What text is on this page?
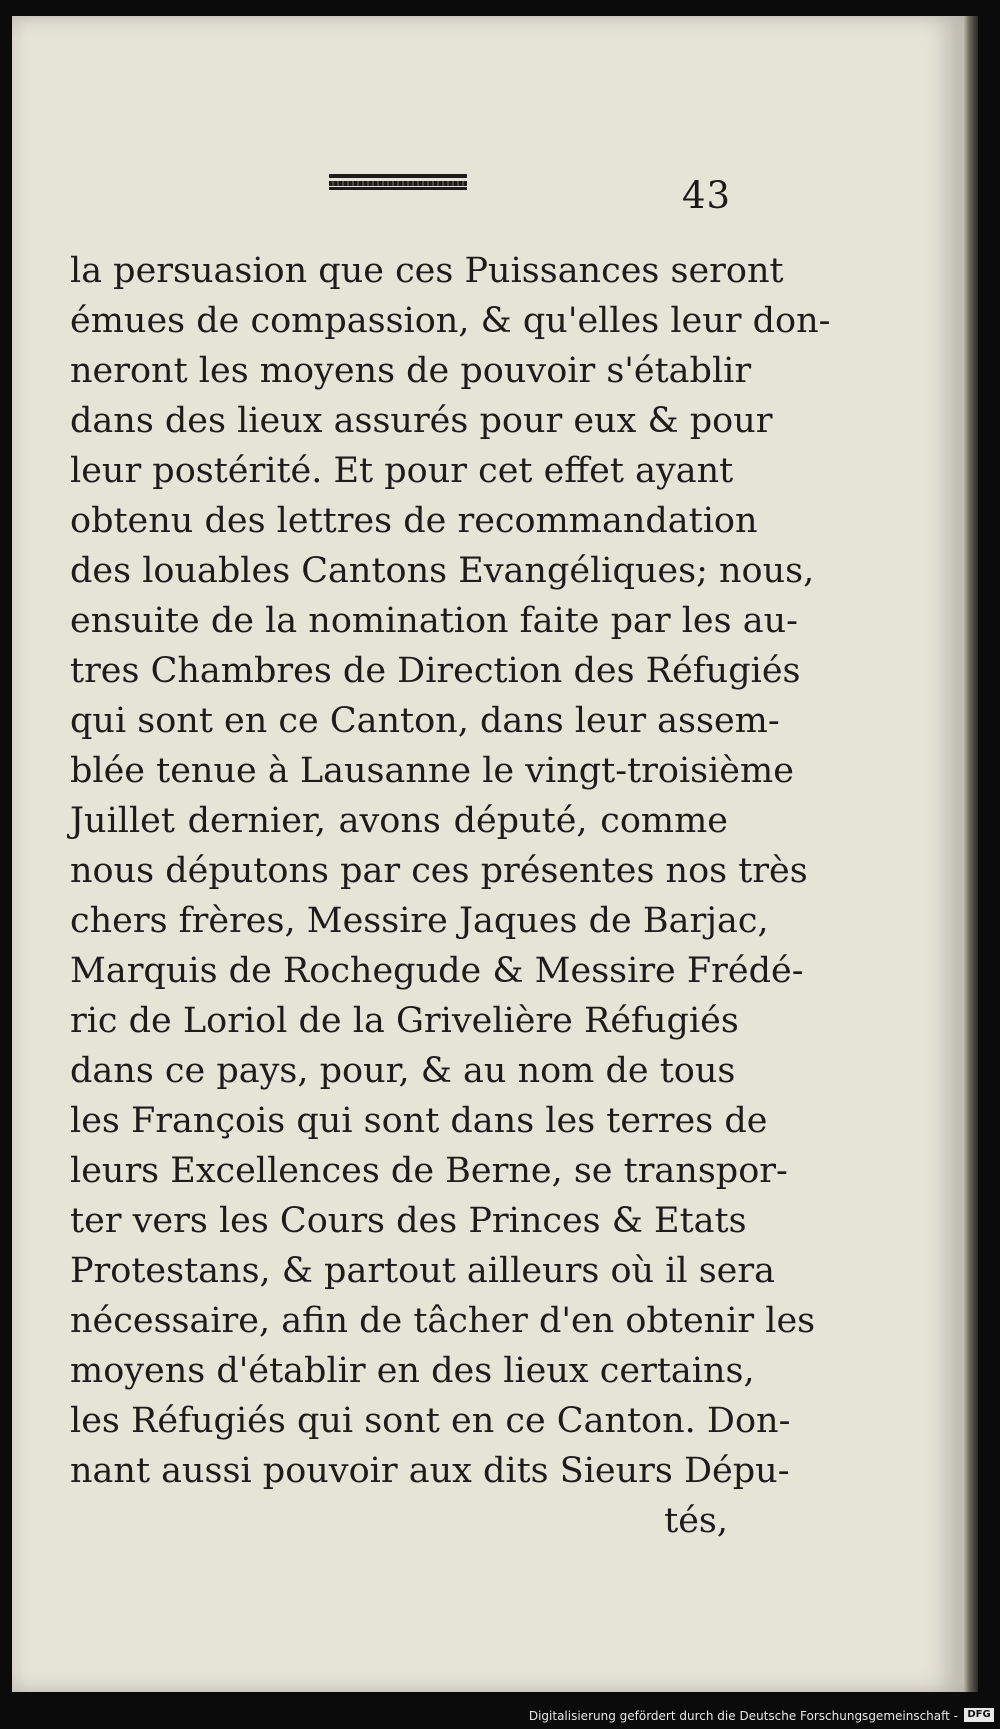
43
la persuasion que ces Puissances seront
émues de compassion, & qu'elles leur don-
neront les moyens de pouvoir s'établir
dans des lieux assurés pour eux & pour
leur postérité. Et pour cet effet ayant
obtenu des lettres de recommandation
des louables Cantons Evangéliques; nous,
ensuite de la nomination faite par les au-
tres Chambres de Direction des Réfugiés
qui sont en ce Canton, dans leur assem-
blée tenue à Lausanne le vingt-troisième
Juillet dernier, avons député, comme
nous députons par ces présentes nos très
chers frères, Messire Jaques de Barjac,
Marquis de Rochegude & Messire Frédé-
ric de Loriol de la Grivelière Réfugiés
dans ce pays, pour, & au nom de tous
les François qui sont dans les terres de
leurs Excellences de Berne, se transpor-
ter vers les Cours des Princes & Etats
Protestans, & partout ailleurs où il sera
nécessaire, afin de tâcher d'en obtenir les
moyens d'établir en des lieux certains,
les Réfugiés qui sont en ce Canton. Don-
nant aussi pouvoir aux dits Sieurs Dépu-
tés,
Digitalisierung gefördert durch die Deutsche Forschungsgemeinschaft - DFG
